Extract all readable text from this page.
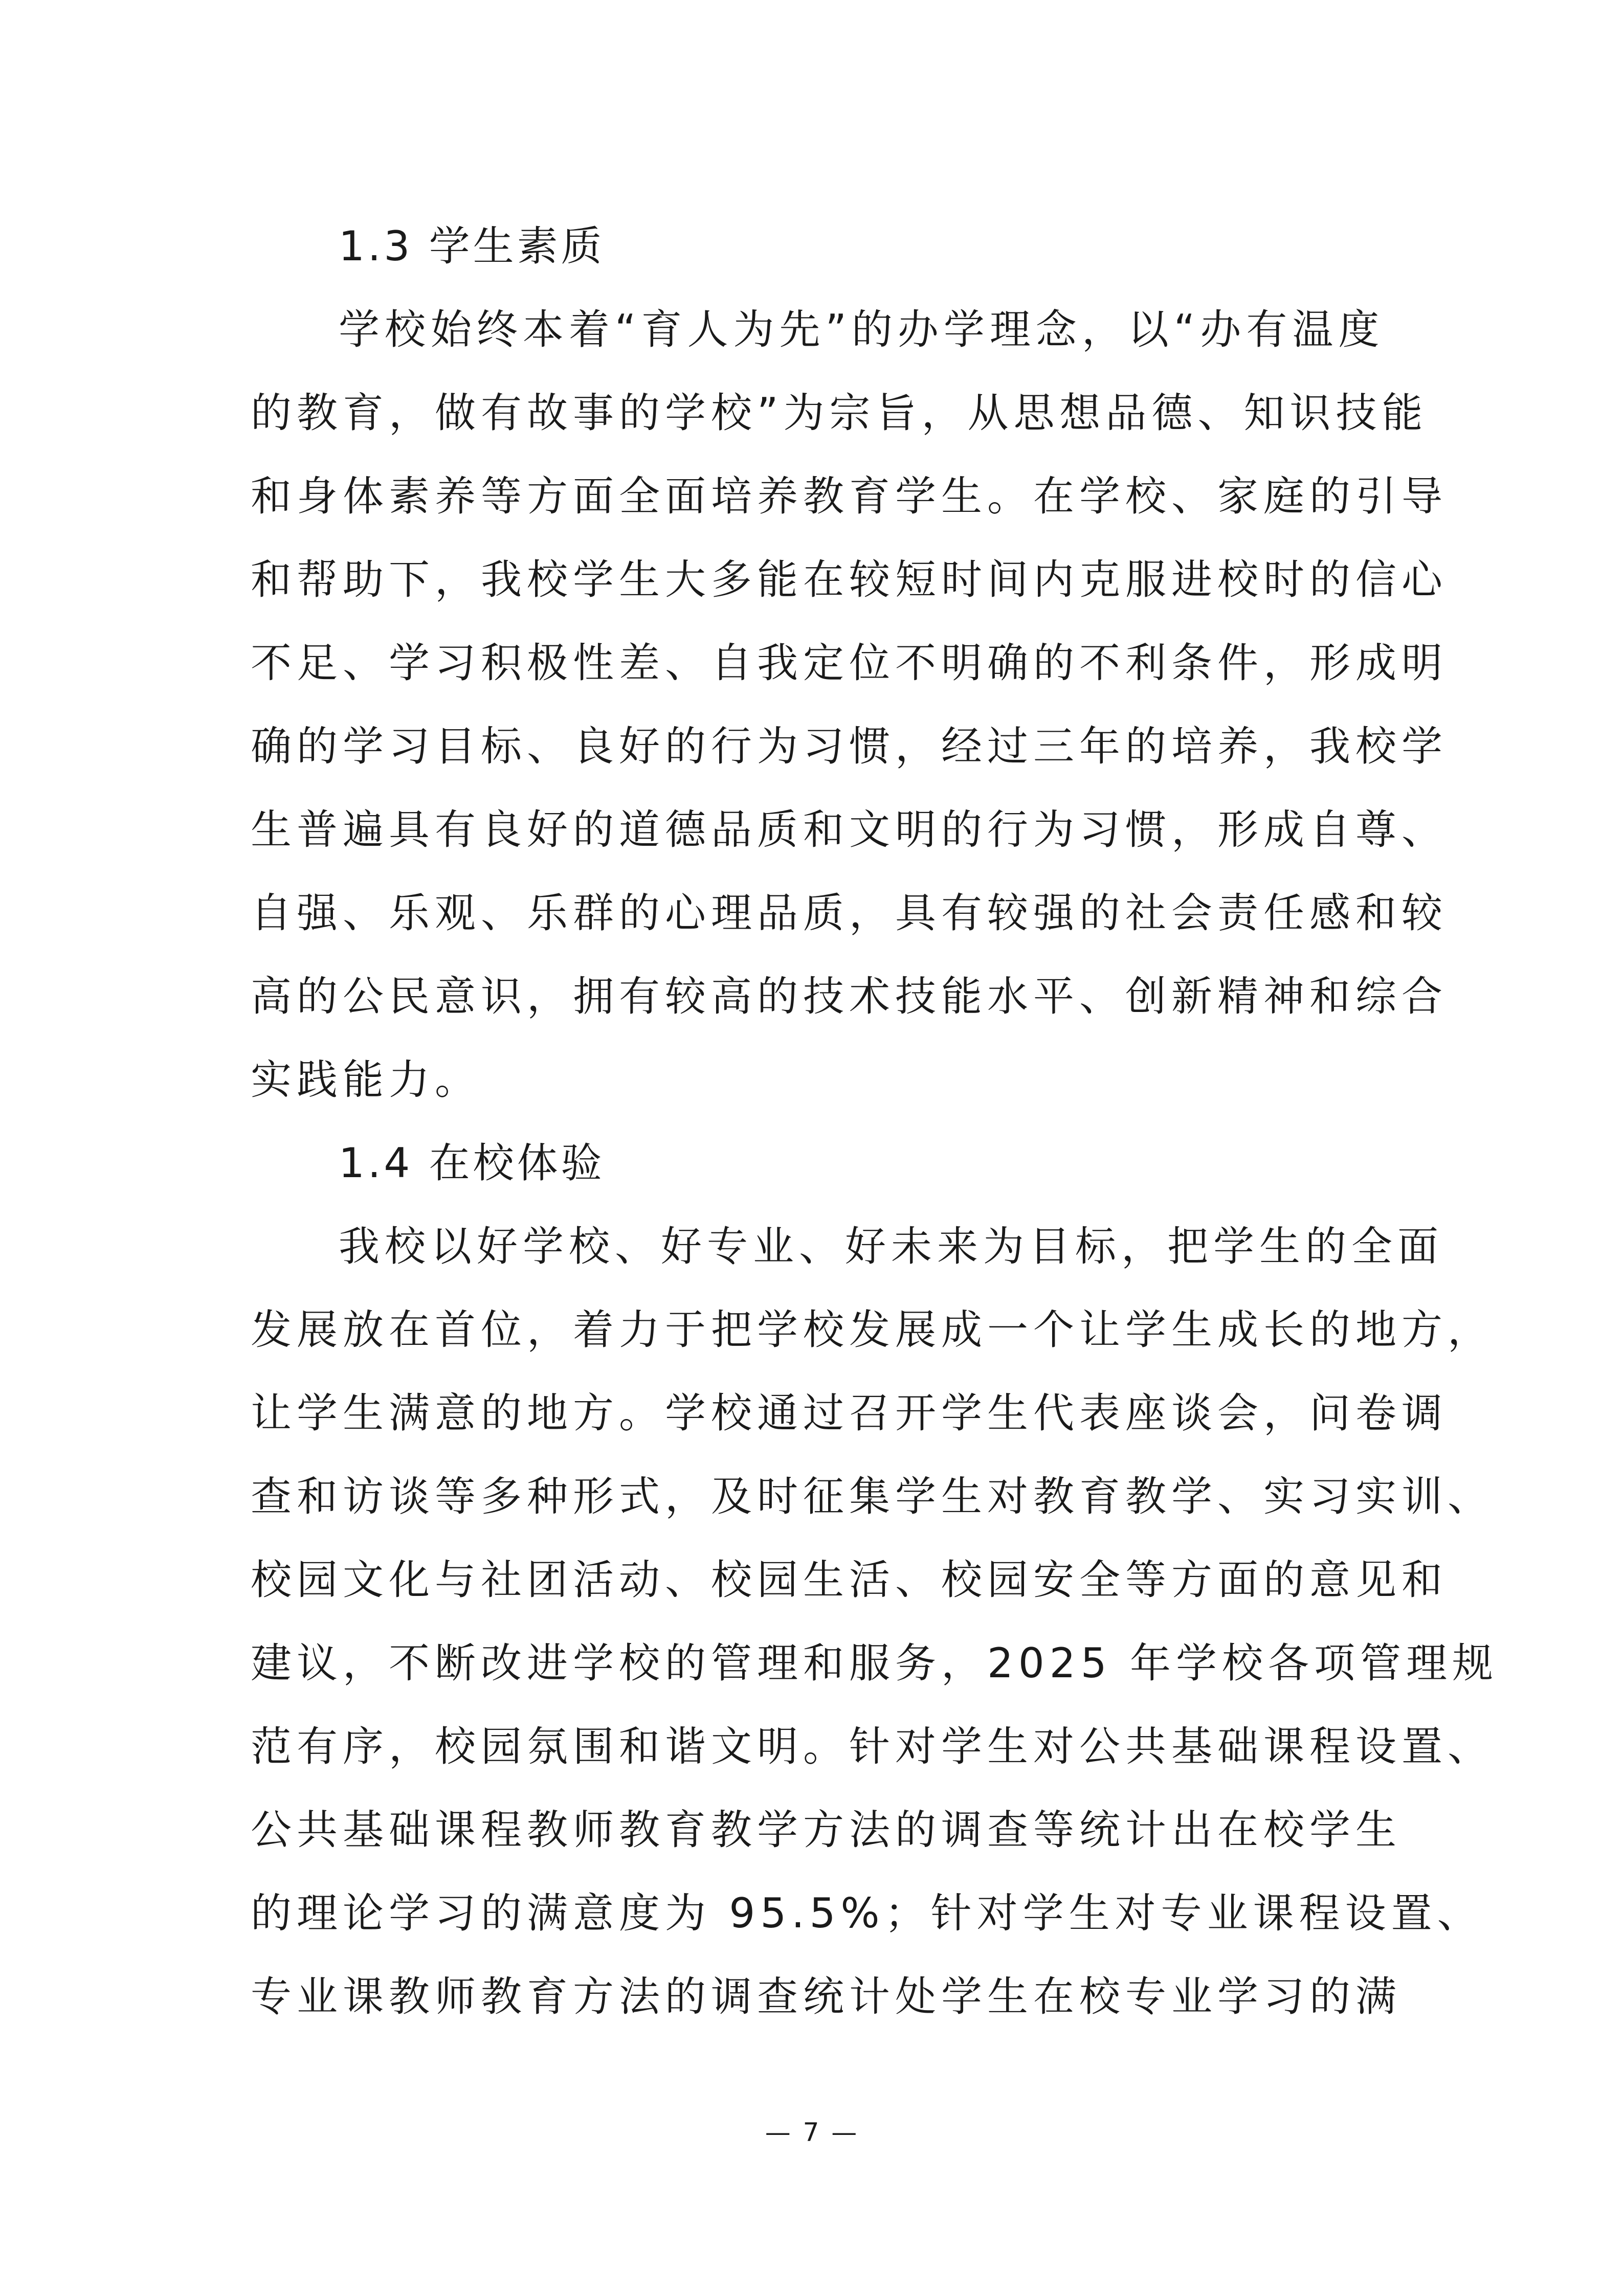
1.3 学生素质
学校始终本着“育人为先”的办学理念，以“办有温度
的教育，做有故事的学校”为宗旨，从思想品德、知识技能
和身体素养等方面全面培养教育学生。在学校、家庭的引导
和帮助下，我校学生大多能在较短时间内克服进校时的信心
不足、学习积极性差、自我定位不明确的不利条件，形成明
确的学习目标、良好的行为习惯，经过三年的培养，我校学
生普遍具有良好的道德品质和文明的行为习惯，形成自尊、
自强、乐观、乐群的心理品质，具有较强的社会责任感和较
高的公民意识，拥有较高的技术技能水平、创新精神和综合
实践能力。
1.4 在校体验
我校以好学校、好专业、好未来为目标，把学生的全面
发展放在首位，着力于把学校发展成一个让学生成长的地方，
让学生满意的地方。学校通过召开学生代表座谈会，问卷调
查和访谈等多种形式，及时征集学生对教育教学、实习实训、
校园文化与社团活动、校园生活、校园安全等方面的意见和
建议，不断改进学校的管理和服务，2025 年学校各项管理规
范有序，校园氛围和谐文明。针对学生对公共基础课程设置、
公共基础课程教师教育教学方法的调查等统计出在校学生
的理论学习的满意度为 95.5%；针对学生对专业课程设置、
专业课教师教育方法的调查统计处学生在校专业学习的满
— 7 —
